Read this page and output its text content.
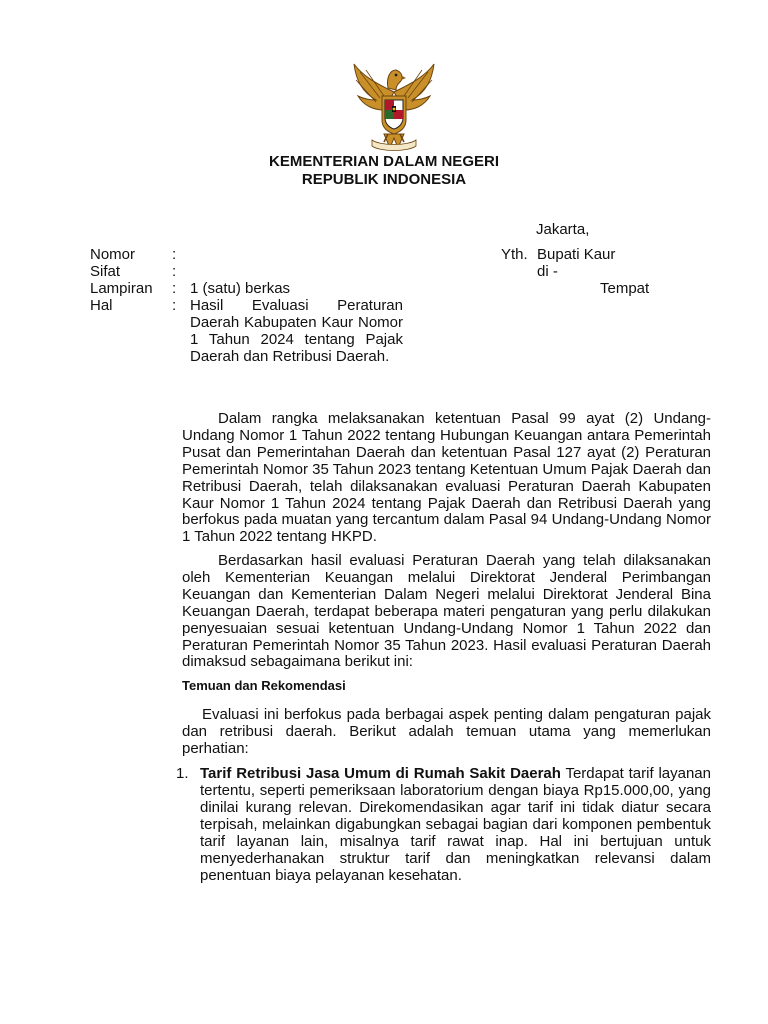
KEMENTERIAN DALAM NEGERI
REPUBLIK INDONESIA
Jakarta,
Nomor	:
Sifat	:
Lampiran	: 1 (satu) berkas
Hal	: Hasil Evaluasi Peraturan Daerah Kabupaten Kaur Nomor 1 Tahun 2024 tentang Pajak Daerah dan Retribusi Daerah.
Yth. Bupati Kaur
di -
Tempat
Dalam rangka melaksanakan ketentuan Pasal 99 ayat (2) Undang-Undang Nomor 1 Tahun 2022 tentang Hubungan Keuangan antara Pemerintah Pusat dan Pemerintahan Daerah dan ketentuan Pasal 127 ayat (2) Peraturan Pemerintah Nomor 35 Tahun 2023 tentang Ketentuan Umum Pajak Daerah dan Retribusi Daerah, telah dilaksanakan evaluasi Peraturan Daerah Kabupaten Kaur Nomor 1 Tahun 2024 tentang Pajak Daerah dan Retribusi Daerah yang berfokus pada muatan yang tercantum dalam Pasal 94 Undang-Undang Nomor 1 Tahun 2022 tentang HKPD.
Berdasarkan hasil evaluasi Peraturan Daerah yang telah dilaksanakan oleh Kementerian Keuangan melalui Direktorat Jenderal Perimbangan Keuangan dan Kementerian Dalam Negeri melalui Direktorat Jenderal Bina Keuangan Daerah, terdapat beberapa materi pengaturan yang perlu dilakukan penyesuaian sesuai ketentuan Undang-Undang Nomor 1 Tahun 2022 dan Peraturan Pemerintah Nomor 35 Tahun 2023. Hasil evaluasi Peraturan Daerah dimaksud sebagaimana berikut ini:
Temuan dan Rekomendasi
Evaluasi ini berfokus pada berbagai aspek penting dalam pengaturan pajak dan retribusi daerah. Berikut adalah temuan utama yang memerlukan perhatian:
1. Tarif Retribusi Jasa Umum di Rumah Sakit Daerah Terdapat tarif layanan tertentu, seperti pemeriksaan laboratorium dengan biaya Rp15.000,00, yang dinilai kurang relevan. Direkomendasikan agar tarif ini tidak diatur secara terpisah, melainkan digabungkan sebagai bagian dari komponen pembentuk tarif layanan lain, misalnya tarif rawat inap. Hal ini bertujuan untuk menyederhanakan struktur tarif dan meningkatkan relevansi dalam penentuan biaya pelayanan kesehatan.
